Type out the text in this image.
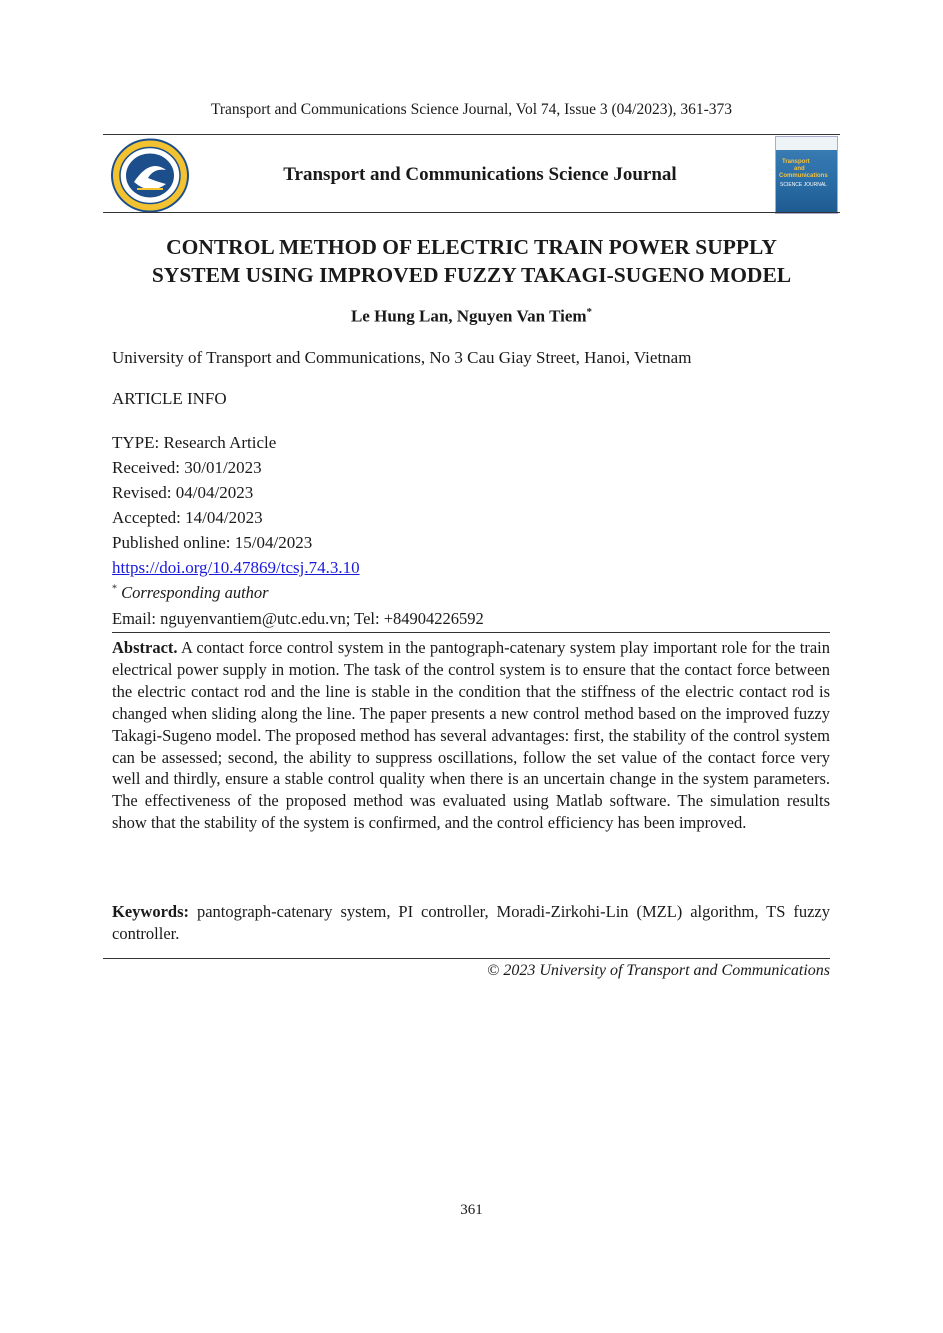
Transport and Communications Science Journal, Vol 74, Issue 3 (04/2023), 361-373
Transport and Communications Science Journal
Transport
and
Communications
SCIENCE JOURNAL
CONTROL METHOD OF ELECTRIC TRAIN POWER SUPPLY
SYSTEM USING IMPROVED FUZZY TAKAGI-SUGENO MODEL
Le Hung Lan, Nguyen Van Tiem*
University of Transport and Communications, No 3 Cau Giay Street, Hanoi, Vietnam
ARTICLE INFO
TYPE: Research Article
Received: 30/01/2023
Revised: 04/04/2023
Accepted: 14/04/2023
Published online: 15/04/2023
https://doi.org/10.47869/tcsj.74.3.10
* Corresponding author
Email: nguyenvantiem@utc.edu.vn; Tel: +84904226592
Abstract. A contact force control system in the pantograph-catenary system play important role for the train electrical power supply in motion. The task of the control system is to ensure that the contact force between the electric contact rod and the line is stable in the condition that the stiffness of the electric contact rod is changed when sliding along the line. The paper presents a new control method based on the improved fuzzy Takagi-Sugeno model. The proposed method has several advantages: first, the stability of the control system can be assessed; second, the ability to suppress oscillations, follow the set value of the contact force very well and thirdly, ensure a stable control quality when there is an uncertain change in the system parameters. The effectiveness of the proposed method was evaluated using Matlab software. The simulation results show that the stability of the system is confirmed, and the control efficiency has been improved.
Keywords: pantograph-catenary system, PI controller, Moradi-Zirkohi-Lin (MZL) algorithm, TS fuzzy controller.
© 2023 University of Transport and Communications
361
